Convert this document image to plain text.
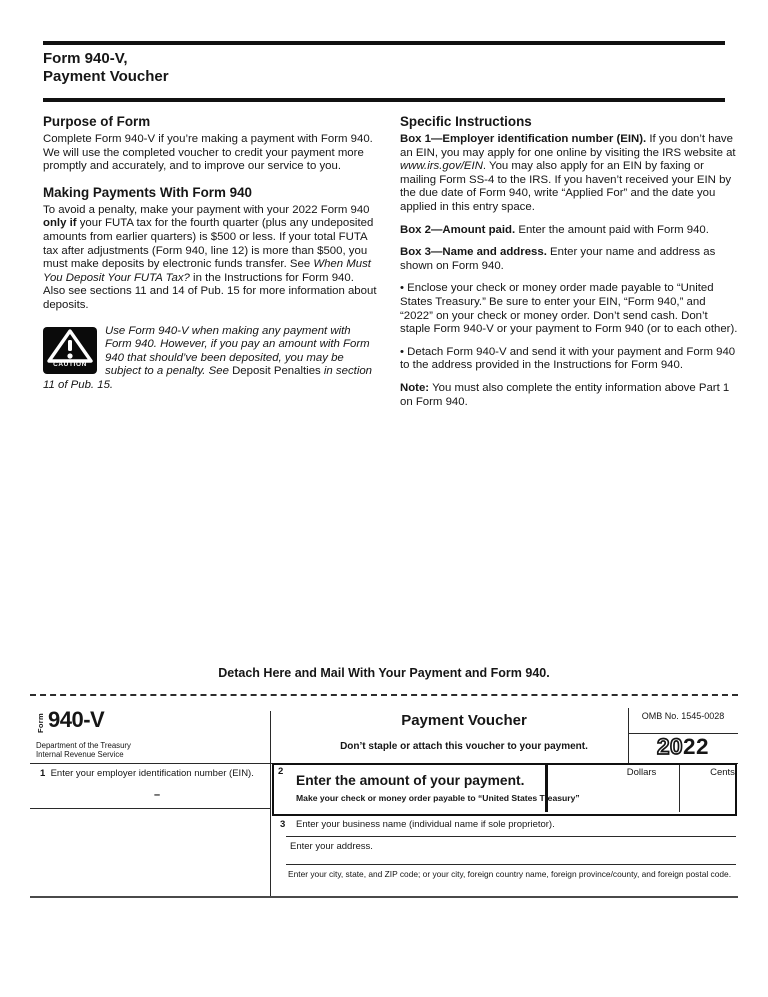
Form 940-V,
Payment Voucher
Purpose of Form

Complete Form 940-V if you’re making a payment with Form 940. We will use the completed voucher to credit your payment more promptly and accurately, and to improve our service to you.

Making Payments With Form 940

To avoid a penalty, make your payment with your 2022 Form 940 only if your FUTA tax for the fourth quarter (plus any undeposited amounts from earlier quarters) is $500 or less. If your total FUTA tax after adjustments (Form 940, line 12) is more than $500, you must make deposits by electronic funds transfer. See When Must You Deposit Your FUTA Tax? in the Instructions for Form 940. Also see sections 11 and 14 of Pub. 15 for more information about deposits.

CAUTION
Use Form 940-V when making any payment with Form 940. However, if you pay an amount with Form 940 that should’ve been deposited, you may be subject to a penalty. See Deposit Penalties in section 11 of Pub. 15.
Specific Instructions

Box 1—Employer identification number (EIN). If you don’t have an EIN, you may apply for one online by visiting the IRS website at www.irs.gov/EIN. You may also apply for an EIN by faxing or mailing Form SS-4 to the IRS. If you haven’t received your EIN by the due date of Form 940, write “Applied For” and the date you applied in this entry space.

Box 2—Amount paid. Enter the amount paid with Form 940.

Box 3—Name and address. Enter your name and address as shown on Form 940.

• Enclose your check or money order made payable to “United States Treasury.” Be sure to enter your EIN, “Form 940,” and “2022” on your check or money order. Don’t send cash. Don’t staple Form 940-V or your payment to Form 940 (or to each other).

• Detach Form 940-V and send it with your payment and Form 940 to the address provided in the Instructions for Form 940.

Note: You must also complete the entity information above Part 1 on Form 940.

Detach Here and Mail With Your Payment and Form 940.
Form 940-V
Department of the Treasury
Internal Revenue Service
Payment Voucher
Don’t staple or attach this voucher to your payment.
OMB No. 1545-0028
2022
1 Enter your employer identification number (EIN).
–
2
Enter the amount of your payment.
Make your check or money order payable to “United States Treasury”
Dollars	Cents
3 Enter your business name (individual name if sole proprietor).
Enter your address.
Enter your city, state, and ZIP code; or your city, foreign country name, foreign province/county, and foreign postal code.
